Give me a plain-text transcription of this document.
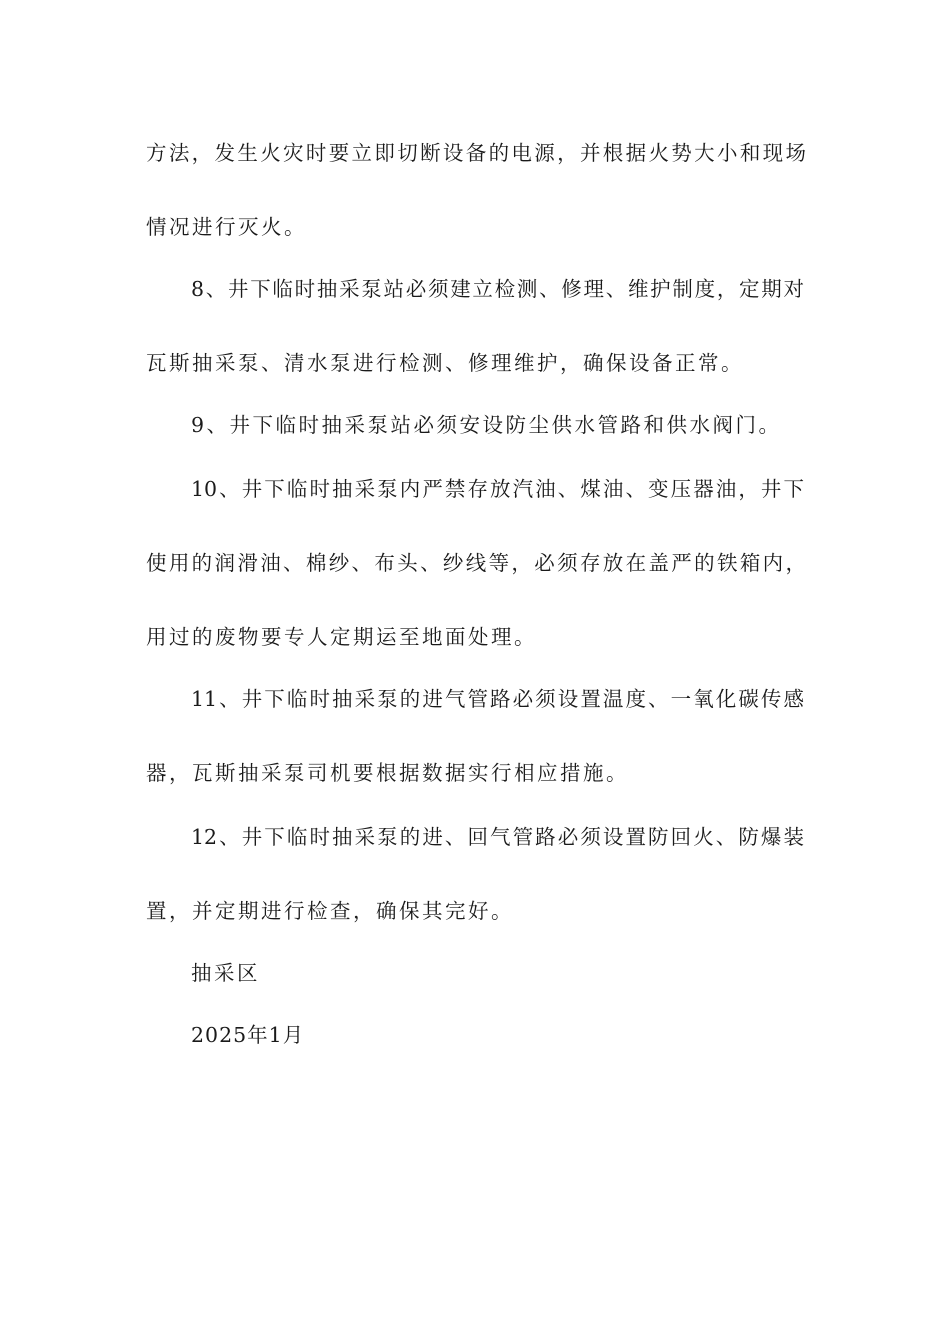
方法，发生火灾时要立即切断设备的电源，并根据火势大小和现场
情况进行灭火。
8、井下临时抽采泵站必须建立检测、修理、维护制度，定期对
瓦斯抽采泵、清水泵进行检测、修理维护，确保设备正常。
9、井下临时抽采泵站必须安设防尘供水管路和供水阀门。
10、井下临时抽采泵内严禁存放汽油、煤油、变压器油，井下
使用的润滑油、棉纱、布头、纱线等，必须存放在盖严的铁箱内，
用过的废物要专人定期运至地面处理。
11、井下临时抽采泵的进气管路必须设置温度、一氧化碳传感
器，瓦斯抽采泵司机要根据数据实行相应措施。
12、井下临时抽采泵的进、回气管路必须设置防回火、防爆装
置，并定期进行检查，确保其完好。
抽采区
2025年1月
